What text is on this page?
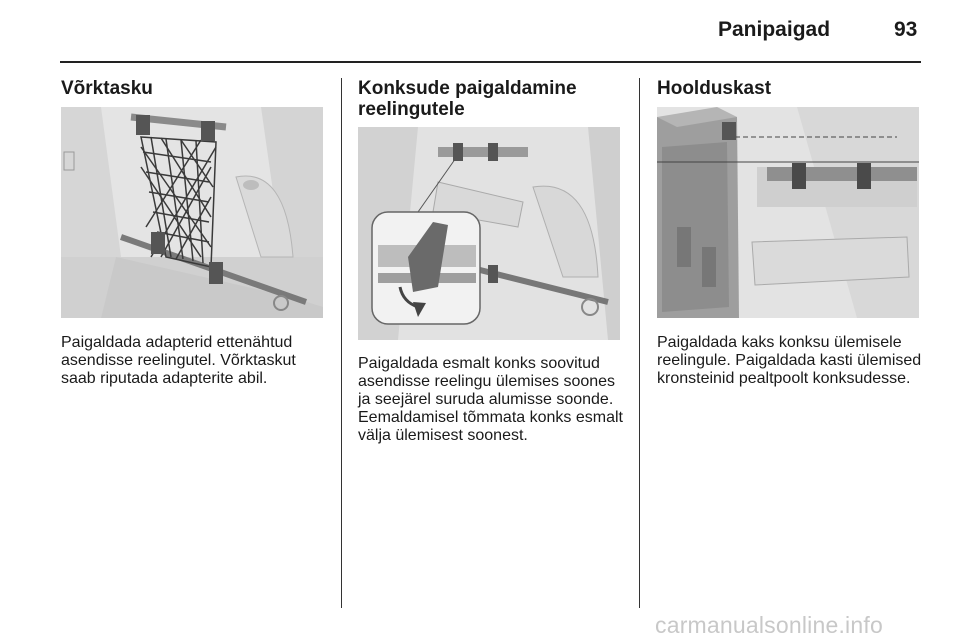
Panipaigad	93
Võrktasku
Paigaldada adapterid ettenähtud
asendisse reelingutel. Võrktaskut
saab riputada adapterite abil.
Konksude paigaldamine
reelingutele
Paigaldada esmalt konks soovitud
asendisse reelingu ülemises soones
ja seejärel suruda alumisse soonde.
Eemaldamisel tõmmata konks esmalt
välja ülemisest soonest.
Hoolduskast
Paigaldada kaks konksu ülemisele
reelingule. Paigaldada kasti ülemised
kronsteinid pealtpoolt konksudesse.
carmanualsonline.info
